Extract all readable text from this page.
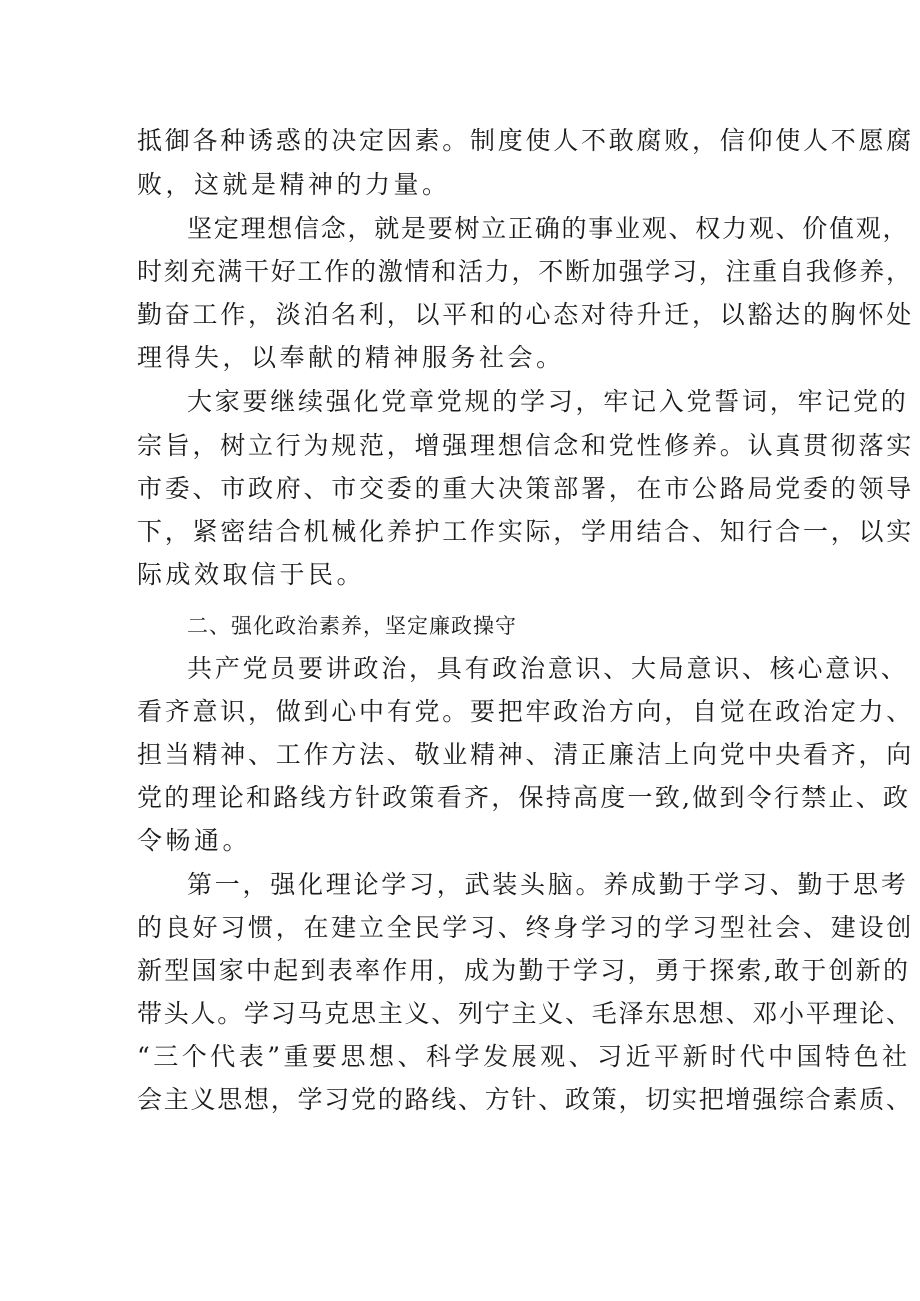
抵御各种诱惑的决定因素。制度使人不敢腐败，信仰使人不愿腐
败，这就是精神的力量。
坚定理想信念，就是要树立正确的事业观、权力观、价值观，
时刻充满干好工作的激情和活力，不断加强学习，注重自我修养，
勤奋工作，淡泊名利，以平和的心态对待升迁，以豁达的胸怀处
理得失，以奉献的精神服务社会。
大家要继续强化党章党规的学习，牢记入党誓词，牢记党的
宗旨，树立行为规范，增强理想信念和党性修养。认真贯彻落实
市委、市政府、市交委的重大决策部署，在市公路局党委的领导
下，紧密结合机械化养护工作实际，学用结合、知行合一，以实
际成效取信于民。
二、强化政治素养，坚定廉政操守
共产党员要讲政治，具有政治意识、大局意识、核心意识、
看齐意识，做到心中有党。要把牢政治方向，自觉在政治定力、
担当精神、工作方法、敬业精神、清正廉洁上向党中央看齐，向
党的理论和路线方针政策看齐，保持高度一致,做到令行禁止、政
令畅通。
第一，强化理论学习，武装头脑。养成勤于学习、勤于思考
的良好习惯，在建立全民学习、终身学习的学习型社会、建设创
新型国家中起到表率作用，成为勤于学习，勇于探索,敢于创新的
带头人。学习马克思主义、列宁主义、毛泽东思想、邓小平理论、
“三个代表”重要思想、科学发展观、习近平新时代中国特色社
会主义思想，学习党的路线、方针、政策，切实把增强综合素质、
